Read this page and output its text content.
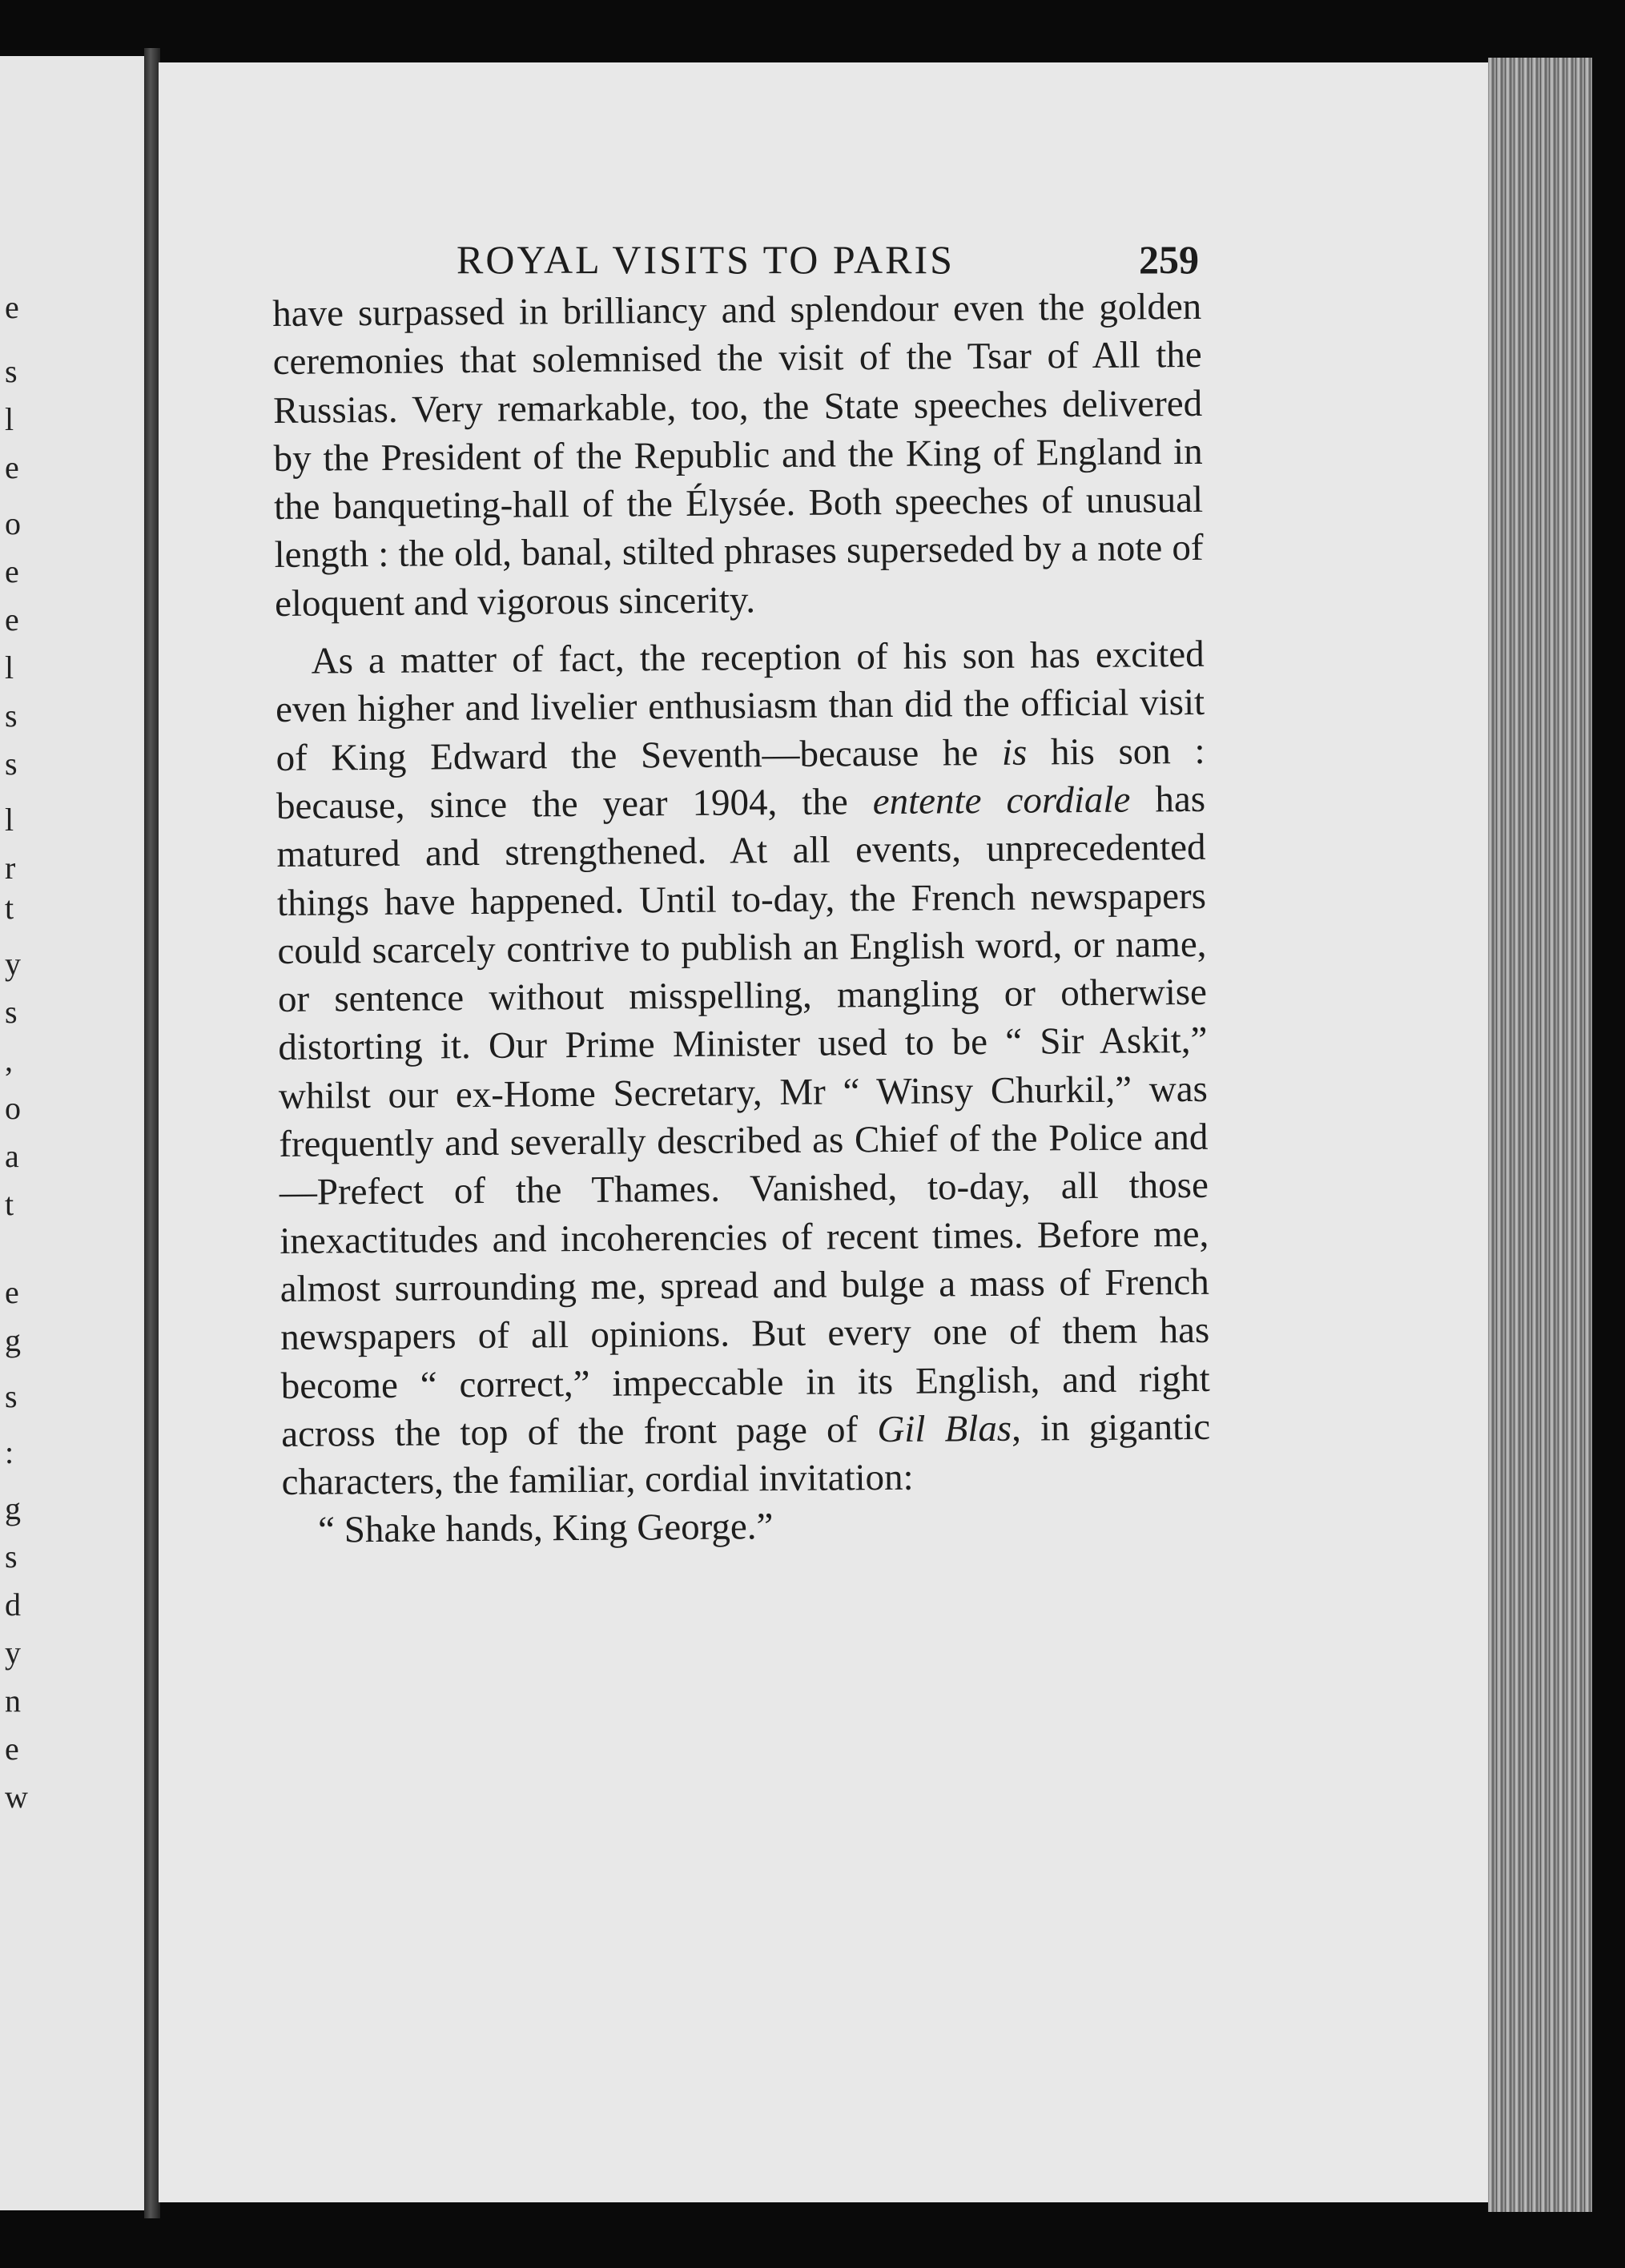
e
s
l
e
o
e
e
l
s
s
l
r
t
y
s
,
o
a
t
e
g
s
:
g
s
d
y
n
e
w
ROYAL VISITS TO PARIS	259

have surpassed in brilliancy and splendour even the golden ceremonies that solemnised the visit of the Tsar of All the Russias. Very remarkable, too, the State speeches delivered by the President of the Republic and the King of England in the banqueting-hall of the Élysée. Both speeches of unusual length : the old, banal, stilted phrases superseded by a note of eloquent and vigorous sincerity.

As a matter of fact, the reception of his son has excited even higher and livelier enthusiasm than did the official visit of King Edward the Seventh—because he is his son : because, since the year 1904, the entente cordiale has matured and strengthened. At all events, unprecedented things have happened. Until to-day, the French newspapers could scarcely contrive to publish an English word, or name, or sentence without misspelling, mangling or otherwise distorting it. Our Prime Minister used to be “ Sir Askit,” whilst our ex-Home Secretary, Mr “ Winsy Churkil,” was frequently and severally described as Chief of the Police and—Prefect of the Thames. Vanished, to-day, all those inexactitudes and incoherencies of recent times. Before me, almost surrounding me, spread and bulge a mass of French newspapers of all opinions. But every one of them has become “ correct,” impeccable in its English, and right across the top of the front page of Gil Blas, in gigantic characters, the familiar, cordial invitation:

“ Shake hands, King George.”
